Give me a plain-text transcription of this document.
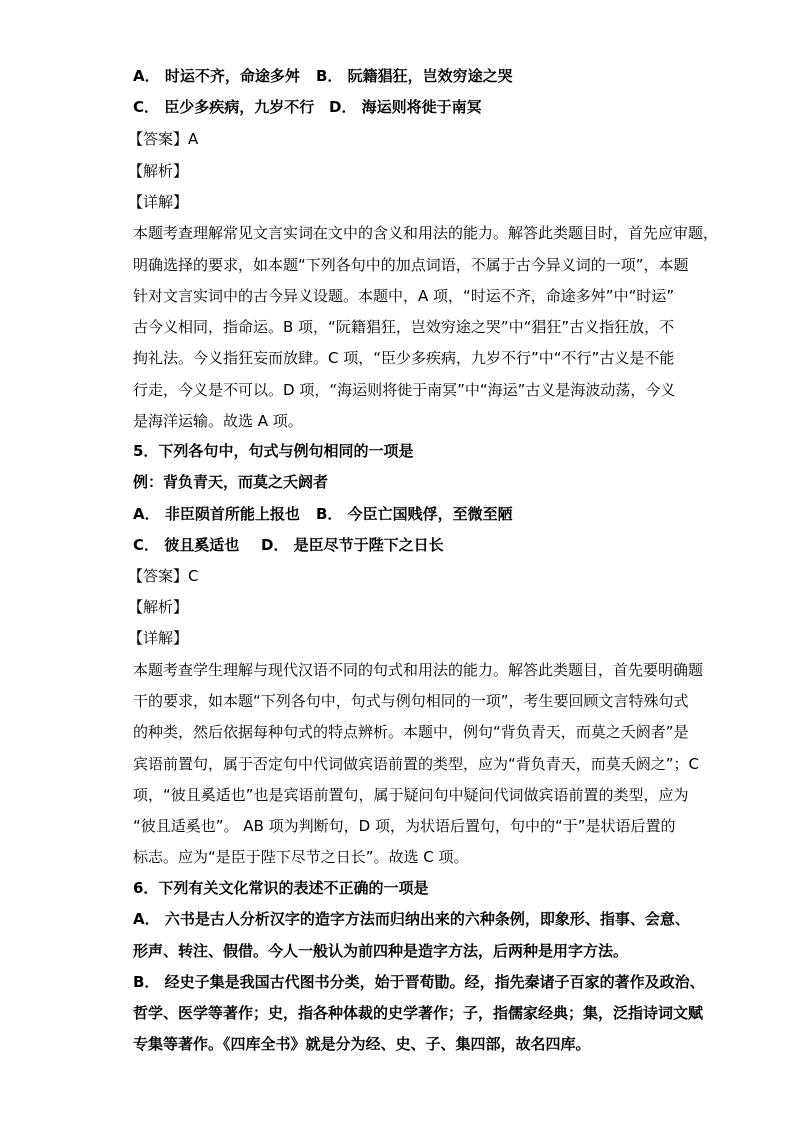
A． 时运不齐，命途多舛 B． 阮籍猖狂，岂效穷途之哭
C． 臣少多疾病，九岁不行 D． 海运则将徙于南冥
【答案】A
【解析】
【详解】
本题考查理解常见文言实词在文中的含义和用法的能力。解答此类题目时，首先应审题，
明确选择的要求，如本题“下列各句中的加点词语，不属于古今异义词的一项”，本题
针对文言实词中的古今异义设题。本题中，A 项，“时运不齐，命途多舛”中“时运”
古今义相同，指命运。B 项，“阮籍猖狂，岂效穷途之哭”中“猖狂”古义指狂放，不
拘礼法。今义指狂妄而放肆。C 项，“臣少多疾病，九岁不行”中“不行”古义是不能
行走，今义是不可以。D 项，“海运则将徙于南冥”中“海运”古义是海波动荡，今义
是海洋运输。故选 A 项。
5．下列各句中，句式与例句相同的一项是
例：背负青天，而莫之夭阏者
A． 非臣陨首所能上报也 B． 今臣亡国贱俘，至微至陋
C． 彼且奚适也 D． 是臣尽节于陛下之日长
【答案】C
【解析】
【详解】
本题考查学生理解与现代汉语不同的句式和用法的能力。解答此类题目，首先要明确题
干的要求，如本题“下列各句中，句式与例句相同的一项”，考生要回顾文言特殊句式
的种类，然后依据每种句式的特点辨析。本题中，例句“背负青天，而莫之夭阏者”是
宾语前置句，属于否定句中代词做宾语前置的类型，应为“背负青天，而莫夭阏之”；C
项，“彼且奚适也”也是宾语前置句，属于疑问句中疑问代词做宾语前置的类型，应为
“彼且适奚也”。 AB 项为判断句，D 项，为状语后置句，句中的“于”是状语后置的
标志。应为“是臣于陛下尽节之日长”。故选 C 项。
6．下列有关文化常识的表述不正确的一项是
A． 六书是古人分析汉字的造字方法而归纳出来的六种条例，即象形、指事、会意、
形声、转注、假借。今人一般认为前四种是造字方法，后两种是用字方法。
B． 经史子集是我国古代图书分类，始于晋荀勖。经，指先秦诸子百家的著作及政治、
哲学、医学等著作；史，指各种体裁的史学著作；子，指儒家经典；集，泛指诗词文赋
专集等著作。《四库全书》就是分为经、史、子、集四部，故名四库。
